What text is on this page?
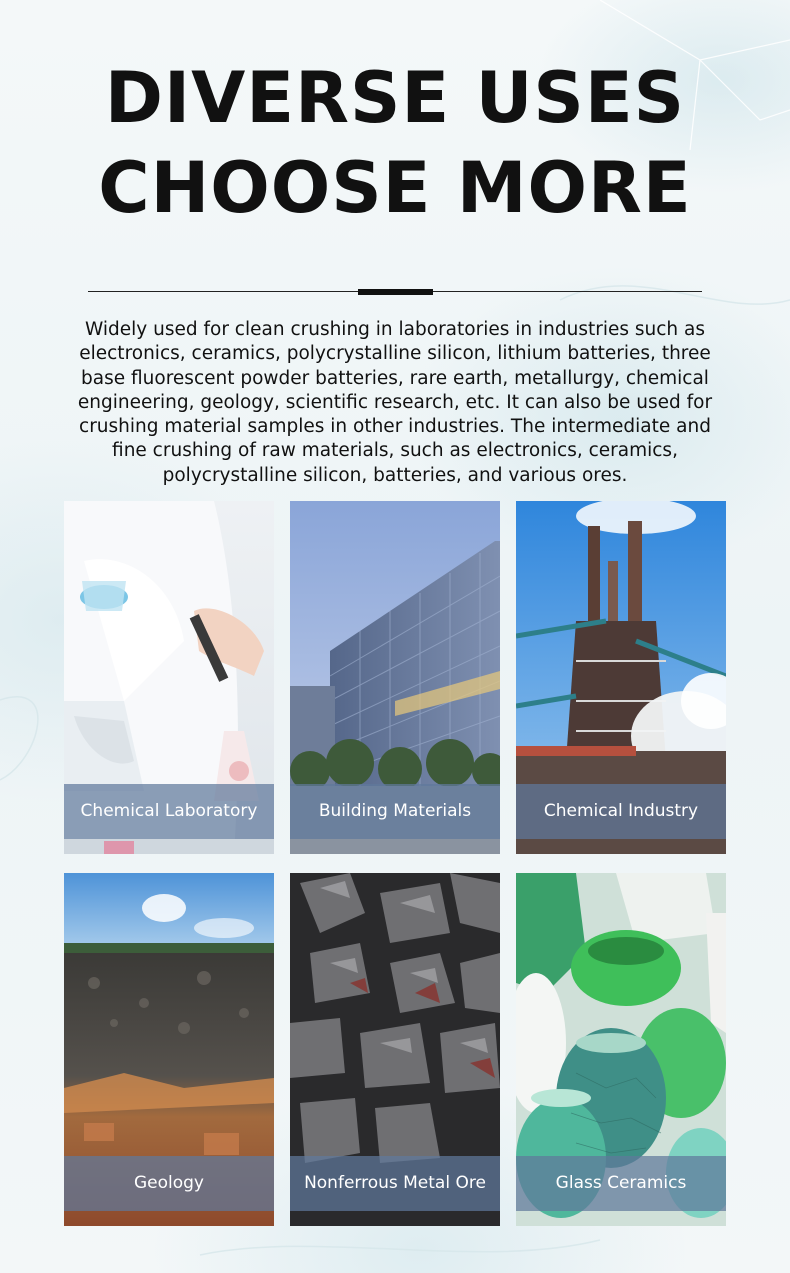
DIVERSE USES
CHOOSE MORE
Widely used for clean crushing in laboratories in industries such as electronics, ceramics, polycrystalline silicon, lithium batteries, three base fluorescent powder batteries, rare earth, metallurgy, chemical engineering, geology, scientific research, etc. It can also be used for crushing material samples in other industries. The intermediate and fine crushing of raw materials, such as electronics, ceramics, polycrystalline silicon, batteries, and various ores.
Chemical Laboratory	Building Materials	Chemical Industry
Geology	Nonferrous Metal Ore	Glass Ceramics
